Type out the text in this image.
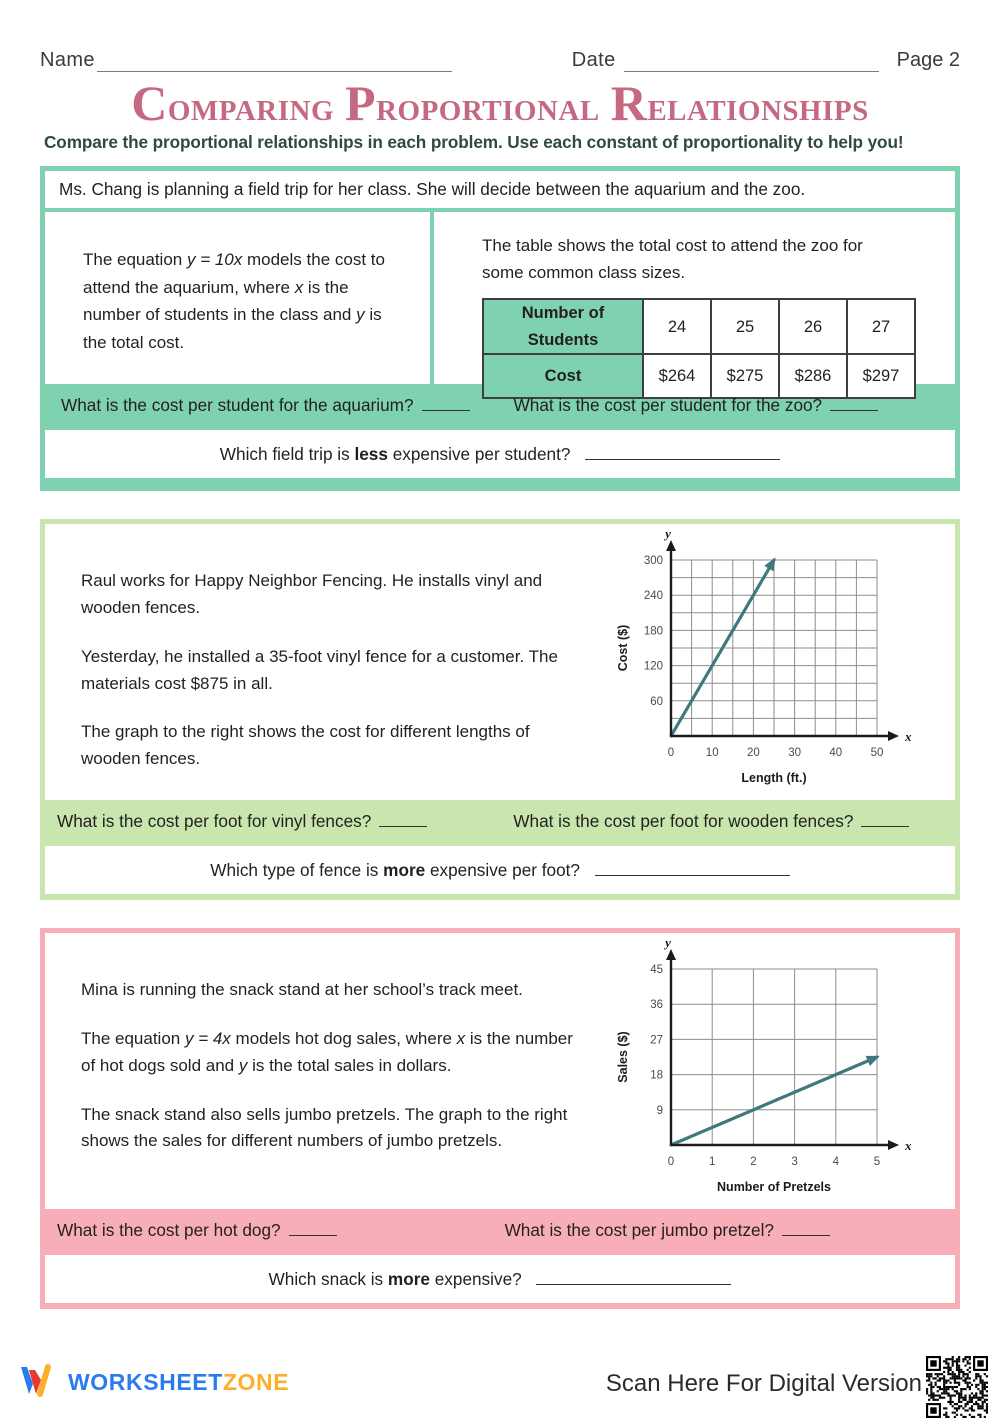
Name	Date	Page 2
Comparing Proportional Relationships
Compare the proportional relationships in each problem. Use each constant of proportionality to help you!
Ms. Chang is planning a field trip for her class. She will decide between the aquarium and the zoo.
The equation y = 10x models the cost to attend the aquarium, where x is the number of students in the class and y is the total cost.
The table shows the total cost to attend the zoo for some common class sizes.
Number of Students	24	25	26	27
Cost	$264	$275	$286	$297
What is the cost per student for the aquarium?	What is the cost per student for the zoo?
Which field trip is less expensive per student?

Raul works for Happy Neighbor Fencing. He installs vinyl and wooden fences.

Yesterday, he installed a 35-foot vinyl fence for a customer. The materials cost $875 in all.

The graph to the right shows the cost for different lengths of wooden fences.

y
x
0	10 20 30 40 50
60
120
180
240
300
Length (ft.)
Cost ($)
What is the cost per foot for vinyl fences?	What is the cost per foot for wooden fences?
Which type of fence is more expensive per foot?

Mina is running the snack stand at her school’s track meet.

The equation y = 4x models hot dog sales, where x is the number of hot dogs sold and y is the total sales in dollars.

The snack stand also sells jumbo pretzels. The graph to the right shows the sales for different numbers of jumbo pretzels.

y
x
0	1	2	3	4	5
9
18
27
36
45
Number of Pretzels
Sales ($)
What is the cost per hot dog?	What is the cost per jumbo pretzel?
Which snack is more expensive?
WORKSHEETZONE	Scan Here For Digital Version
